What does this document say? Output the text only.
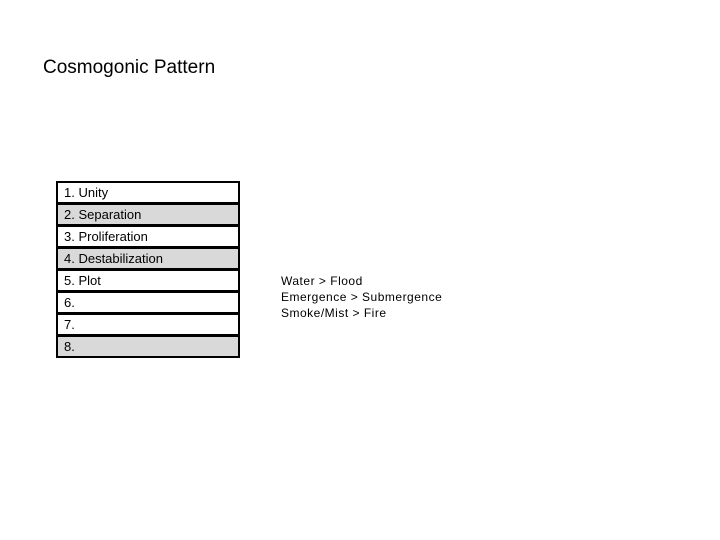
Cosmogonic Pattern
1. Unity
2. Separation
3. Proliferation
4. Destabilization
5. Plot
6.
7.
8.
Water > Flood
Emergence > Submergence
Smoke/Mist > Fire
